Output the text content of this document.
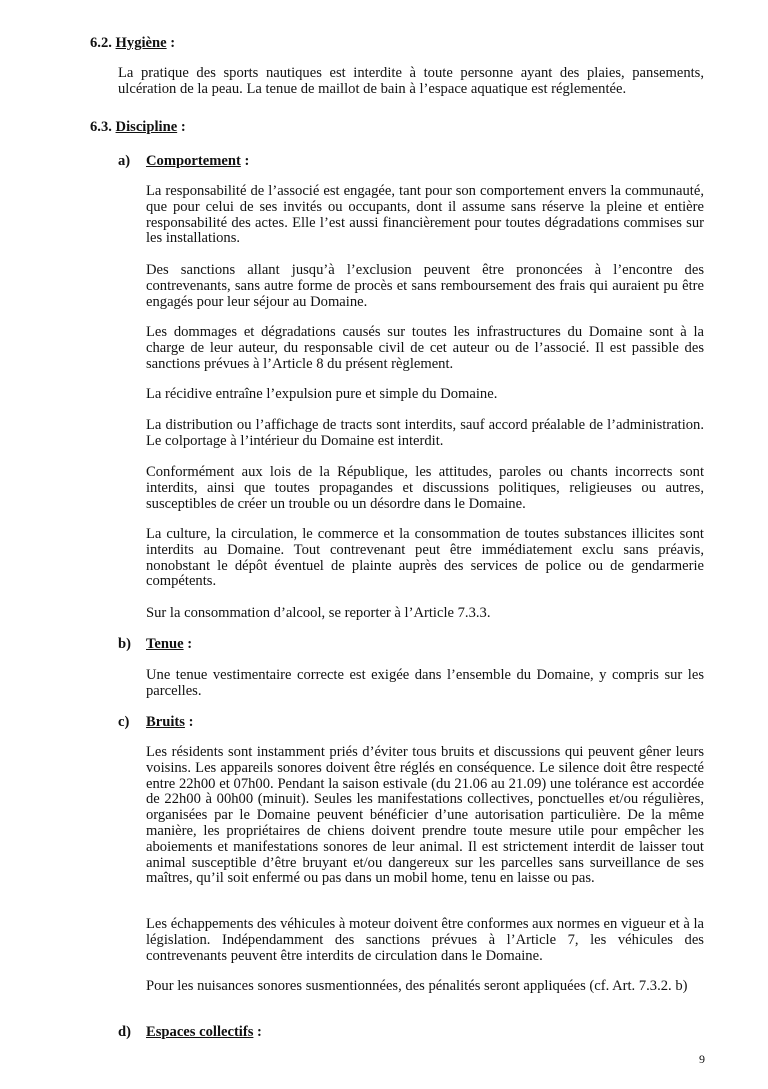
6.2. Hygiène :

La pratique des sports nautiques est interdite à toute personne ayant des plaies, pansements, ulcération de la peau. La tenue de maillot de bain à l’espace aquatique est réglementée.

6.3. Discipline :
a) Comportement :

La responsabilité de l’associé est engagée, tant pour son comportement envers la communauté, que pour celui de ses invités ou occupants, dont il assume sans réserve la pleine et entière responsabilité des actes. Elle l’est aussi financièrement pour toutes dégradations commises sur les installations.

Des sanctions allant jusqu’à l’exclusion peuvent être prononcées à l’encontre des contrevenants, sans autre forme de procès et sans remboursement des frais qui auraient pu être engagés pour leur séjour au Domaine.

Les dommages et dégradations causés sur toutes les infrastructures du Domaine sont à la charge de leur auteur, du responsable civil de cet auteur ou de l’associé. Il est passible des sanctions prévues à l’Article 8 du présent règlement.

La récidive entraîne l’expulsion pure et simple du Domaine.

La distribution ou l’affichage de tracts sont interdits, sauf accord préalable de l’administration. Le colportage à l’intérieur du Domaine est interdit.

Conformément aux lois de la République, les attitudes, paroles ou chants incorrects sont interdits, ainsi que toutes propagandes et discussions politiques, religieuses ou autres, susceptibles de créer un trouble ou un désordre dans le Domaine.

La culture, la circulation, le commerce et la consommation de toutes substances illicites sont interdits au Domaine. Tout contrevenant peut être immédiatement exclu sans préavis, nonobstant le dépôt éventuel de plainte auprès des services de police ou de gendarmerie compétents.

Sur la consommation d’alcool, se reporter à l’Article 7.3.3.

b) Tenue :

Une tenue vestimentaire correcte est exigée dans l’ensemble du Domaine, y compris sur les parcelles.

c) Bruits :

Les résidents sont instamment priés d’éviter tous bruits et discussions qui peuvent gêner leurs voisins. Les appareils sonores doivent être réglés en conséquence. Le silence doit être respecté entre 22h00 et 07h00. Pendant la saison estivale (du 21.06 au 21.09) une tolérance est accordée de 22h00 à 00h00 (minuit). Seules les manifestations collectives, ponctuelles et/ou régulières, organisées par le Domaine peuvent bénéficier d’une autorisation particulière. De la même manière, les propriétaires de chiens doivent prendre toute mesure utile pour empêcher les aboiements et manifestations sonores de leur animal. Il est strictement interdit de laisser tout animal susceptible d’être bruyant et/ou dangereux sur les parcelles sans surveillance de ses maîtres, qu’il soit enfermé ou pas dans un mobil home, tenu en laisse ou pas.

Les échappements des véhicules à moteur doivent être conformes aux normes en vigueur et à la législation. Indépendamment des sanctions prévues à l’Article 7, les véhicules des contrevenants peuvent être interdits de circulation dans le Domaine.

Pour les nuisances sonores susmentionnées, des pénalités seront appliquées (cf. Art. 7.3.2. b)

d) Espaces collectifs :
9
